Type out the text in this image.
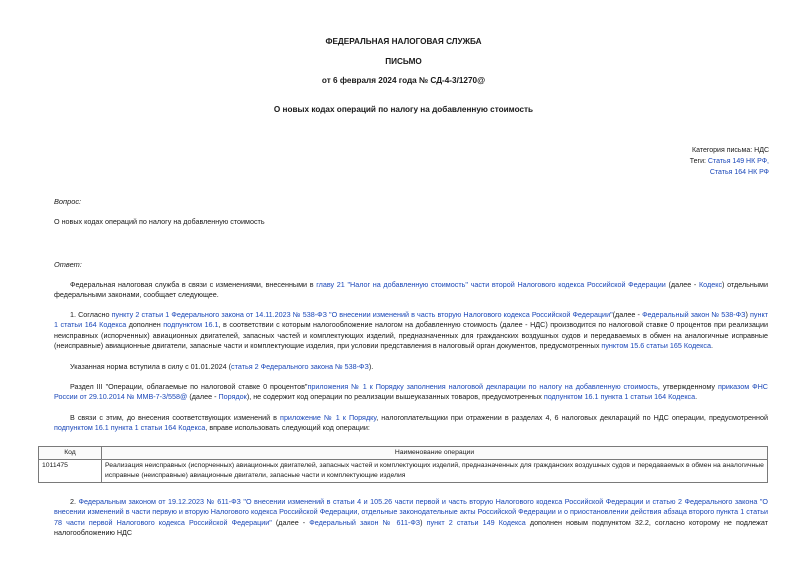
ФЕДЕРАЛЬНАЯ НАЛОГОВАЯ СЛУЖБА
ПИСЬМО
от 6 февраля 2024 года № СД-4-3/1270@
О новых кодах операций по налогу на добавленную стоимость
Категория письма: НДС
Теги: Статья 149 НК РФ,
Статья 164 НК РФ
Вопрос:
О новых кодах операций по налогу на добавленную стоимость
Ответ:
Федеральная налоговая служба в связи с изменениями, внесенными в главу 21 "Налог на добавленную стоимость" части второй Налогового кодекса Российской Федерации (далее - Кодекс) отдельными федеральными законами, сообщает следующее.
1. Согласно пункту 2 статьи 1 Федерального закона от 14.11.2023 № 538-ФЗ "О внесении изменений в часть вторую Налогового кодекса Российской Федерации"(далее - Федеральный закон № 538-ФЗ) пункт 1 статьи 164 Кодекса дополнен подпунктом 16.1, в соответствии с которым налогообложение налогом на добавленную стоимость (далее - НДС) производится по налоговой ставке 0 процентов при реализации неисправных (испорченных) авиационных двигателей, запасных частей и комплектующих изделий, предназначенных для гражданских воздушных судов и передаваемых в обмен на аналогичные исправные (неисправные) авиационные двигатели, запасные части и комплектующие изделия, при условии представления в налоговый орган документов, предусмотренных пунктом 15.6 статьи 165 Кодекса.
Указанная норма вступила в силу с 01.01.2024 (статья 2 Федерального закона № 538-ФЗ).
Раздел III "Операции, облагаемые по налоговой ставке 0 процентов"приложения № 1 к Порядку заполнения налоговой декларации по налогу на добавленную стоимость, утвержденному приказом ФНС России от 29.10.2014 № ММВ-7-3/558@ (далее - Порядок), не содержит код операции по реализации вышеуказанных товаров, предусмотренных подпунктом 16.1 пункта 1 статьи 164 Кодекса.
В связи с этим, до внесения соответствующих изменений в приложение № 1 к Порядку, налогоплательщики при отражении в разделах 4, 6 налоговых деклараций по НДС операции, предусмотренной подпунктом 16.1 пункта 1 статьи 164 Кодекса, вправе использовать следующий код операции:
Код	Наименование операции
1011475	Реализация неисправных (испорченных) авиационных двигателей, запасных частей и комплектующих изделий, предназначенных для гражданских воздушных судов и передаваемых в обмен на аналогичные исправные (неисправные) авиационные двигатели, запасные части и комплектующие изделия
2. Федеральным законом от 19.12.2023 № 611-ФЗ "О внесении изменений в статьи 4 и 105.26 части первой и часть вторую Налогового кодекса Российской Федерации и статью 2 Федерального закона "О внесении изменений в части первую и вторую Налогового кодекса Российской Федерации, отдельные законодательные акты Российской Федерации и о приостановлении действия абзаца второго пункта 1 статьи 78 части первой Налогового кодекса Российской Федерации" (далее - Федеральный закон № 611-ФЗ) пункт 2 статьи 149 Кодекса дополнен новым подпунктом 32.2, согласно которому не подлежат налогообложению НДС
